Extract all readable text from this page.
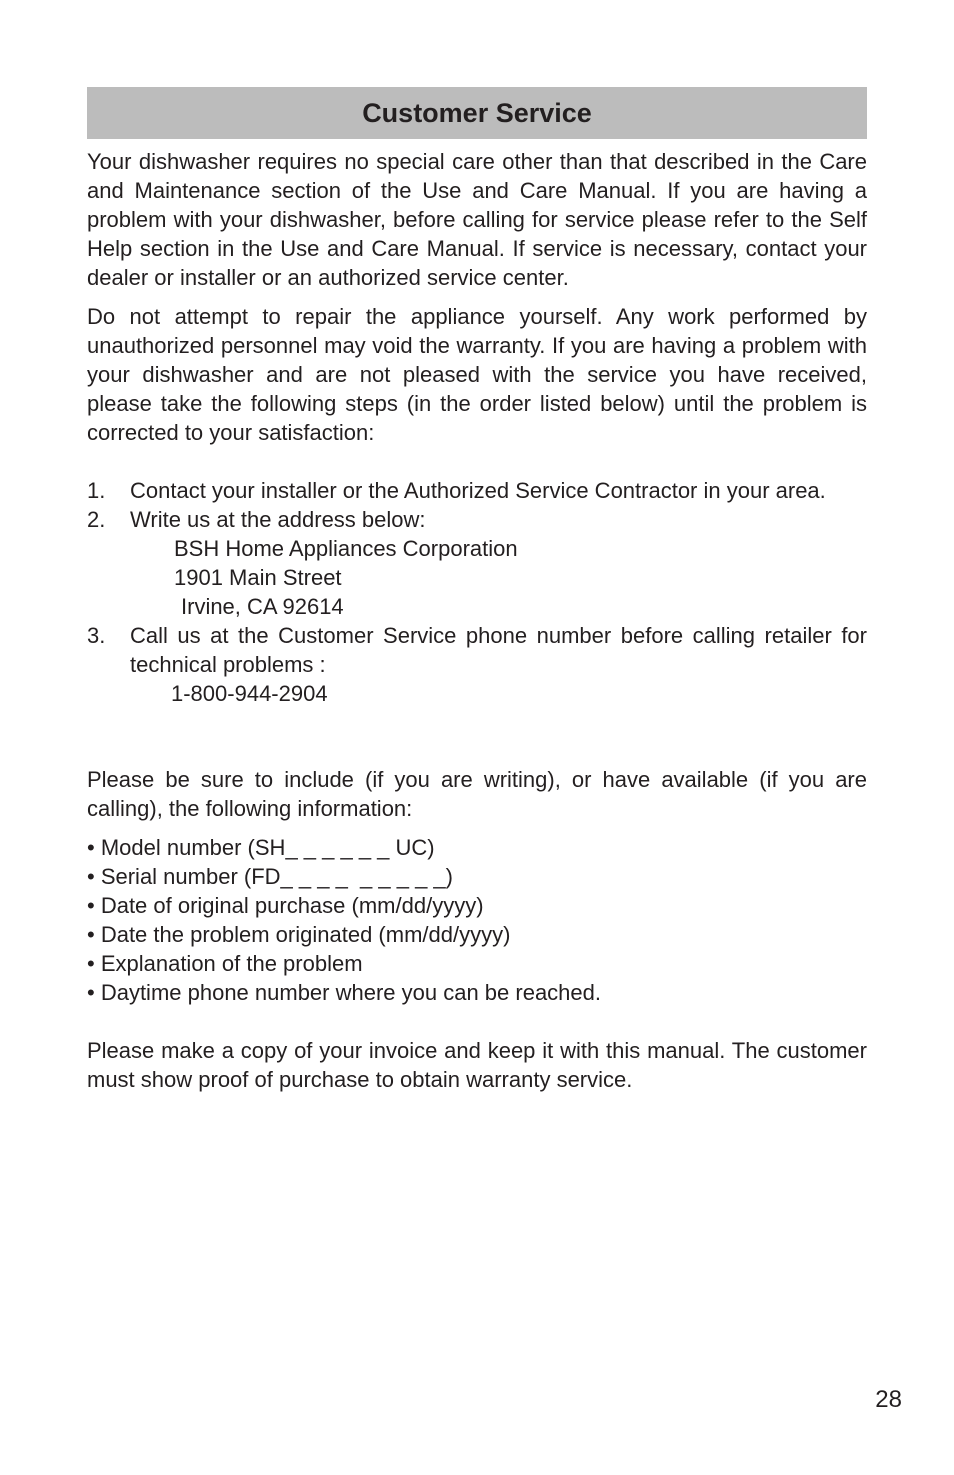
Customer Service

Your dishwasher requires no special care other than that described in the Care and Maintenance section of the Use and Care Manual. If you are having a problem with your dishwasher, before calling for service please refer to the Self Help section in the Use and Care Manual. If service is necessary, contact your dealer or installer or an authorized service center.

Do not attempt to repair the appliance yourself. Any work performed by unauthorized personnel may void the warranty. If you are having a problem with your dishwasher and are not pleased with the service you have received, please take the following steps (in the order listed below) until the problem is corrected to your satisfaction:

1.	Contact your installer or the Authorized Service Contractor in your area.
2.	Write us at the address below:
BSH Home Appliances Corporation
1901 Main Street
Irvine, CA 92614
3.	Call us at the Customer Service phone number before calling retailer for technical problems :
1-800-944-2904

Please be sure to include (if you are writing), or have available (if you are calling), the following information:

• Model number (SH_ _ _ _ _ _ UC)
• Serial number (FD_ _ _ _  _ _ _ _ _)
• Date of original purchase (mm/dd/yyyy)
• Date the problem originated (mm/dd/yyyy)
• Explanation of the problem
• Daytime phone number where you can be reached.

Please make a copy of your invoice and keep it with this manual. The customer must show proof of purchase to obtain warranty service.

28
